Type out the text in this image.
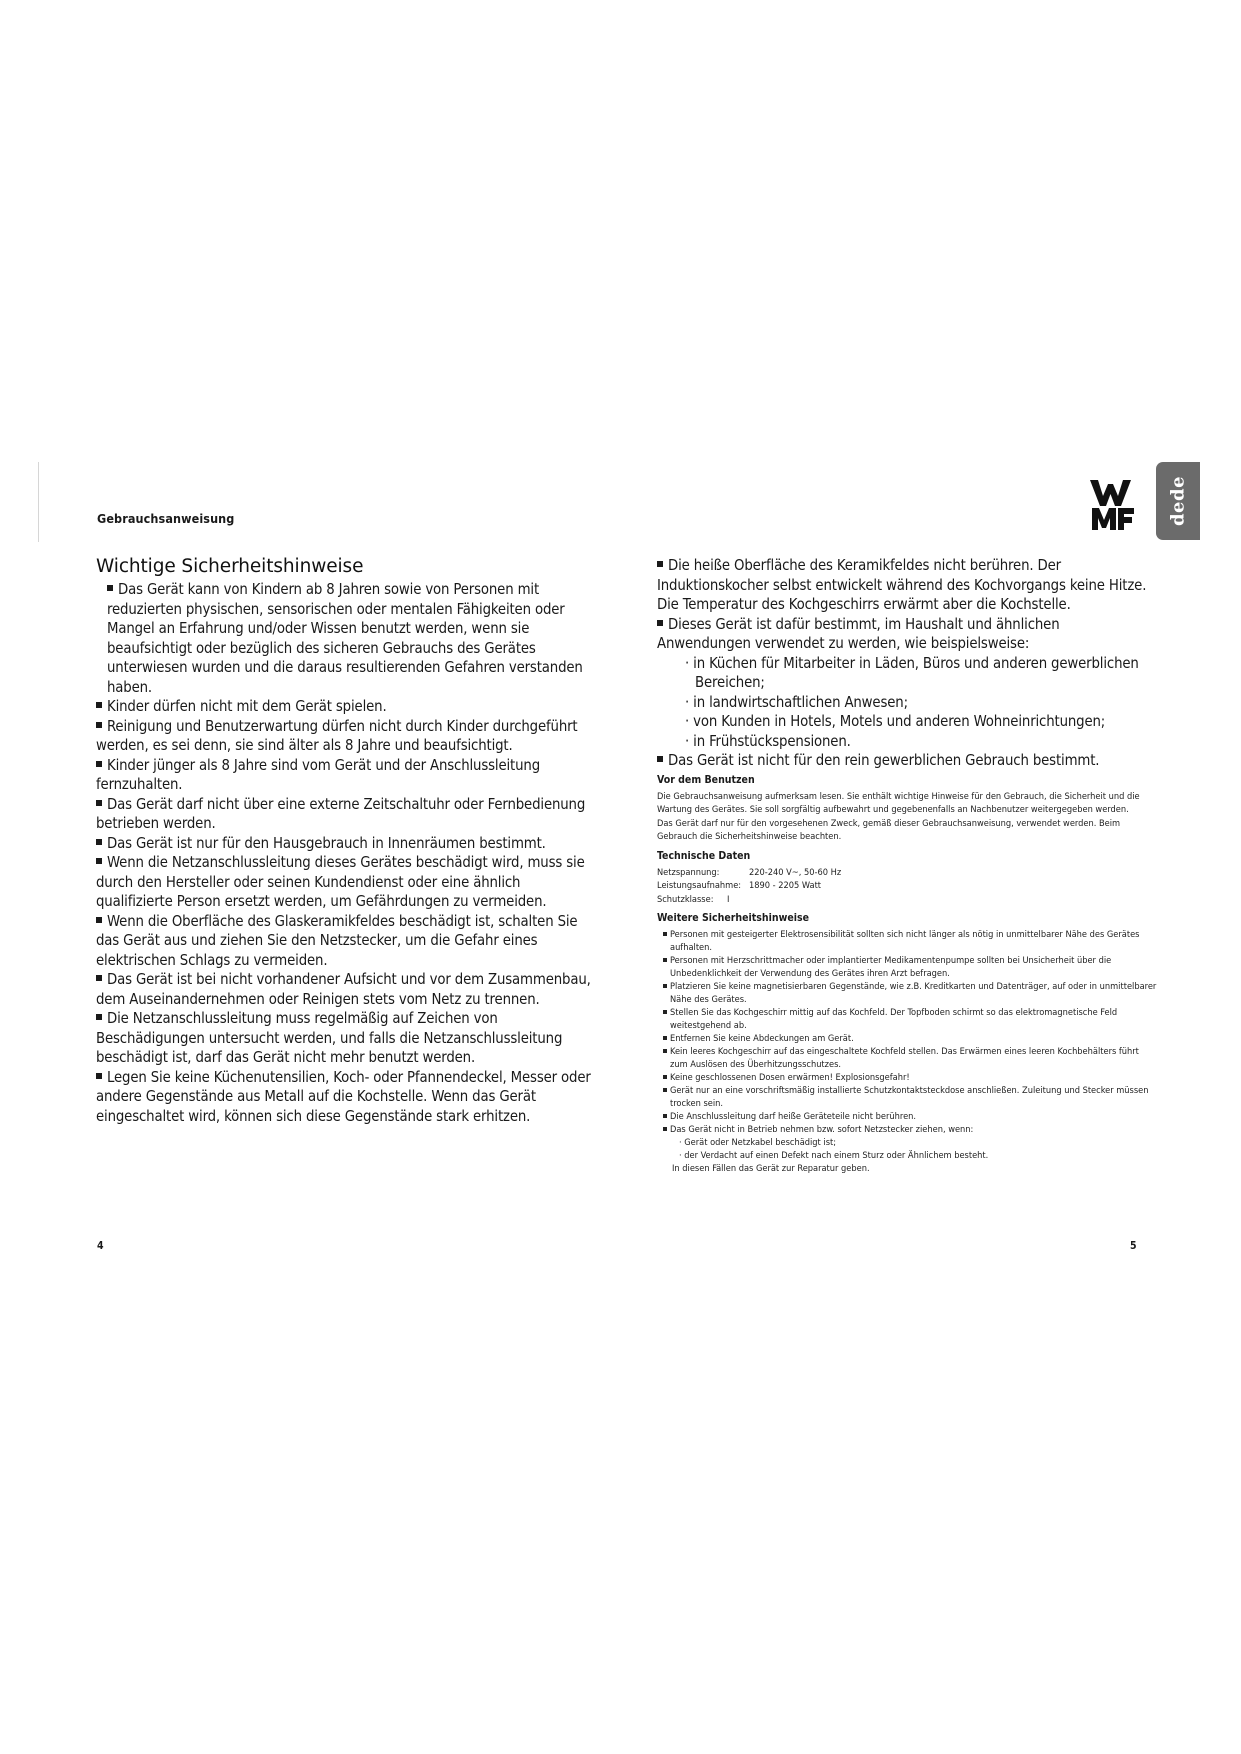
Gebrauchsanweisung	dede
Wichtige Sicherheitshinweise
Das Gerät kann von Kindern ab 8 Jahren sowie von Personen mit reduzierten physischen, sensorischen oder mentalen Fähigkeiten oder Mangel an Erfahrung und/oder Wissen benutzt werden, wenn sie beaufsichtigt oder bezüglich des sicheren Gebrauchs des Gerätes unterwiesen wurden und die daraus resultierenden Gefahren verstanden haben.
Kinder dürfen nicht mit dem Gerät spielen.
Reinigung und Benutzerwartung dürfen nicht durch Kinder durchgeführt werden, es sei denn, sie sind älter als 8 Jahre und beaufsichtigt.
Kinder jünger als 8 Jahre sind vom Gerät und der Anschlussleitung fernzuhalten.
Das Gerät darf nicht über eine externe Zeitschaltuhr oder Fernbedienung betrieben werden.
Das Gerät ist nur für den Hausgebrauch in Innenräumen bestimmt.
Wenn die Netzanschlussleitung dieses Gerätes beschädigt wird, muss sie durch den Hersteller oder seinen Kundendienst oder eine ähnlich qualifizierte Person ersetzt werden, um Gefährdungen zu vermeiden.
Wenn die Oberfläche des Glaskeramikfeldes beschädigt ist, schalten Sie das Gerät aus und ziehen Sie den Netzstecker, um die Gefahr eines elektrischen Schlags zu vermeiden.
Das Gerät ist bei nicht vorhandener Aufsicht und vor dem Zusammenbau, dem Auseinandernehmen oder Reinigen stets vom Netz zu trennen.
Die Netzanschlussleitung muss regelmäßig auf Zeichen von Beschädigungen untersucht werden, und falls die Netzanschlussleitung beschädigt ist, darf das Gerät nicht mehr benutzt werden.
Legen Sie keine Küchenutensilien, Koch- oder Pfannendeckel, Messer oder andere Gegenstände aus Metall auf die Kochstelle. Wenn das Gerät eingeschaltet wird, können sich diese Gegenstände stark erhitzen.
Die heiße Oberfläche des Keramikfeldes nicht berühren. Der Induktionskocher selbst entwickelt während des Kochvorgangs keine Hitze. Die Temperatur des Kochgeschirrs erwärmt aber die Kochstelle.
Dieses Gerät ist dafür bestimmt, im Haushalt und ähnlichen Anwendungen verwendet zu werden, wie beispielsweise:
· in Küchen für Mitarbeiter in Läden, Büros und anderen gewerblichen Bereichen;
· in landwirtschaftlichen Anwesen;
· von Kunden in Hotels, Motels und anderen Wohneinrichtungen;
· in Frühstückspensionen.
Das Gerät ist nicht für den rein gewerblichen Gebrauch bestimmt.
Vor dem Benutzen

Die Gebrauchsanweisung aufmerksam lesen. Sie enthält wichtige Hinweise für den Gebrauch, die Sicherheit und die Wartung des Gerätes. Sie soll sorgfältig aufbewahrt und gegebenenfalls an Nachbenutzer weitergegeben werden.

Das Gerät darf nur für den vorgesehenen Zweck, gemäß dieser Gebrauchsanweisung, verwendet werden. Beim Gebrauch die Sicherheitshinweise beachten.

Technische Daten
Netzspannung:	220-240 V~, 50-60 Hz
Leistungsaufnahme: 1890 - 2205 Watt
Schutzklasse: I
Weitere Sicherheitshinweise
Personen mit gesteigerter Elektrosensibilität sollten sich nicht länger als nötig in unmittelbarer Nähe des Gerätes aufhalten.
Personen mit Herzschrittmacher oder implantierter Medikamentenpumpe sollten bei Unsicherheit über die Unbedenklichkeit der Verwendung des Gerätes ihren Arzt befragen.
Platzieren Sie keine magnetisierbaren Gegenstände, wie z.B. Kreditkarten und Datenträger, auf oder in unmittelbarer Nähe des Gerätes.
Stellen Sie das Kochgeschirr mittig auf das Kochfeld. Der Topfboden schirmt so das elektromagnetische Feld weitestgehend ab.
Entfernen Sie keine Abdeckungen am Gerät.
Kein leeres Kochgeschirr auf das eingeschaltete Kochfeld stellen. Das Erwärmen eines leeren Kochbehälters führt zum Auslösen des Überhitzungsschutzes.
Keine geschlossenen Dosen erwärmen! Explosionsgefahr!
Gerät nur an eine vorschriftsmäßig installierte Schutzkontaktsteckdose anschließen. Zuleitung und Stecker müssen trocken sein.
Die Anschlussleitung darf heiße Geräteteile nicht berühren.
Das Gerät nicht in Betrieb nehmen bzw. sofort Netzstecker ziehen, wenn:
· Gerät oder Netzkabel beschädigt ist;
· der Verdacht auf einen Defekt nach einem Sturz oder Ähnlichem besteht.
In diesen Fällen das Gerät zur Reparatur geben.
4	5
